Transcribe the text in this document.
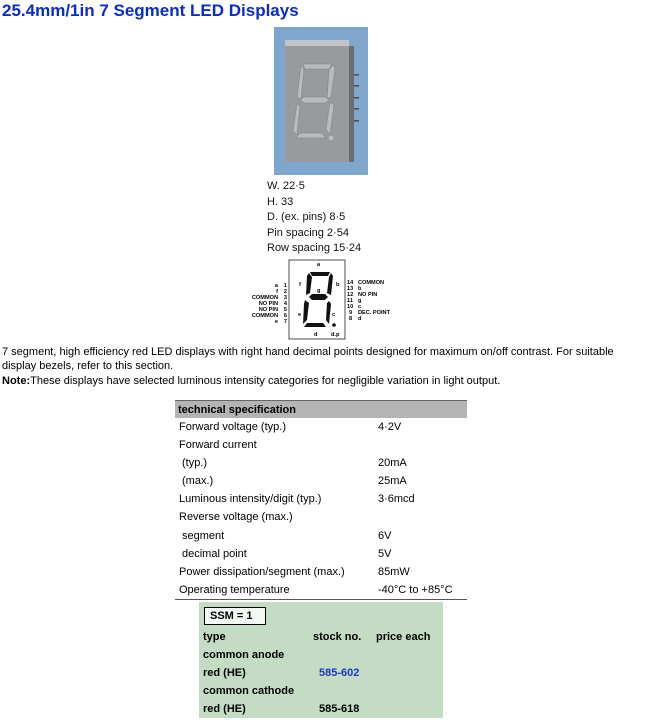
25.4mm/1in 7 Segment LED Displays
W. 22·5
H. 33
D. (ex. pins) 8·5
Pin spacing 2·54
Row spacing 15·24
a
b
c
d
e
f
g
d.p
a
f
COMMON
NO PIN
NO PIN
COMMON
e
1
2
3
4
5
6
7
14
13
12
11
10
9
8
COMMON
b
NO PIN
g
c
DEC. POINT
d
7 segment, high efficiency red LED displays with right hand decimal points designed for maximum on/off contrast. For suitable display bezels, refer to this section.
Note:These displays have selected luminous intensity categories for negligible variation in light output.
technical specification
Forward voltage (typ.)	4·2V
Forward current
(typ.)	20mA
(max.)	25mA
Luminous intensity/digit (typ.)	3·6mcd
Reverse voltage (max.)
segment	6V
decimal point	5V
Power dissipation/segment (max.)	85mW
Operating temperature	-40°C to +85°C
SSM = 1
type	stock no. price each
common anode
red (HE)	585-602
common cathode
red (HE)	585-618
